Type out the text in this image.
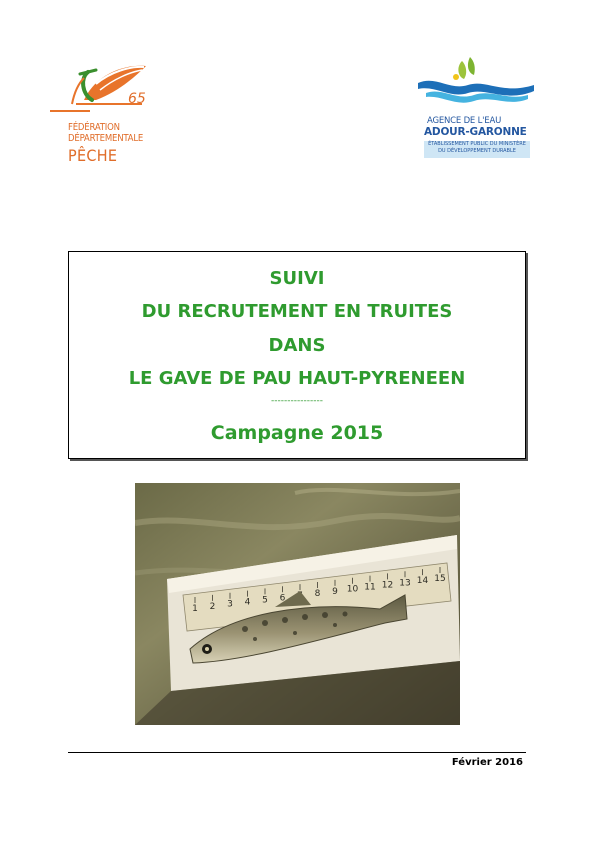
65
FÉDÉRATION
DÉPARTEMENTALE
PÊCHE
AGENCE DE L'EAU
ADOUR-GARONNE
ÉTABLISSEMENT PUBLIC DU MINISTÈRE
DU DÉVELOPPEMENT DURABLE
SUIVI
DU RECRUTEMENT EN TRUITES
DANS
LE GAVE DE PAU HAUT-PYRENEEN
----------------
Campagne 2015
1 2 3 4 5 6	8 9 10 11 12 13 14 15
Février 2016
